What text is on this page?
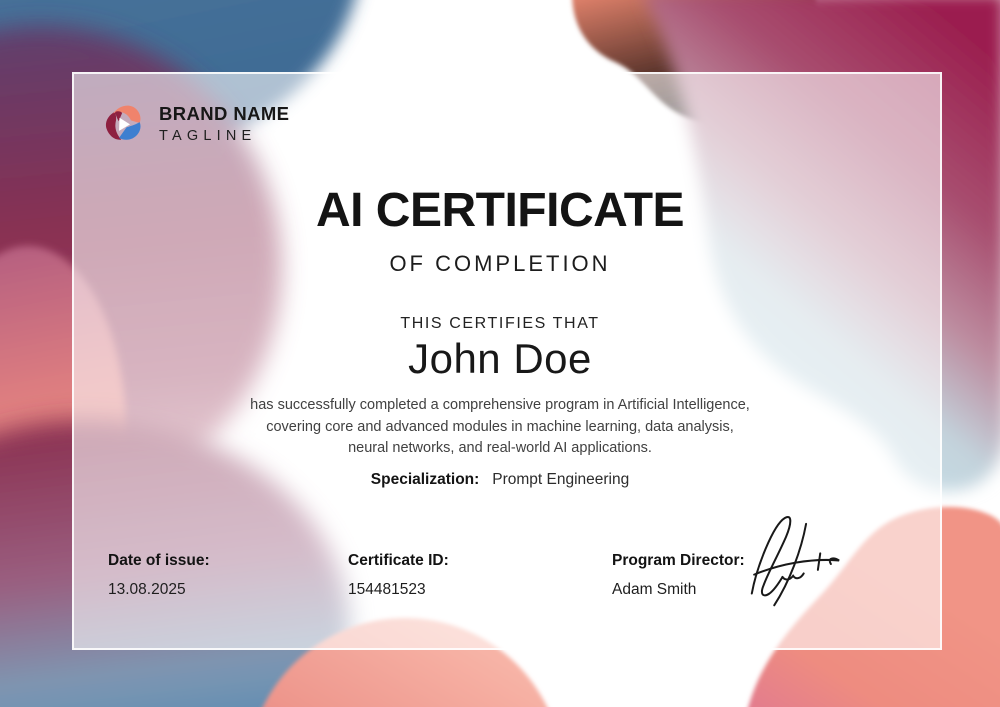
BRAND NAME
TAGLINE
AI CERTIFICATE
OF COMPLETION
THIS CERTIFIES THAT
John Doe
has successfully completed a comprehensive program in Artificial Intelligence,
covering core and advanced modules in machine learning, data analysis,
neural networks, and real-world AI applications.
Specialization: Prompt Engineering
Date of issue:
13.08.2025
Certificate ID:
154481523
Program Director:
Adam Smith
